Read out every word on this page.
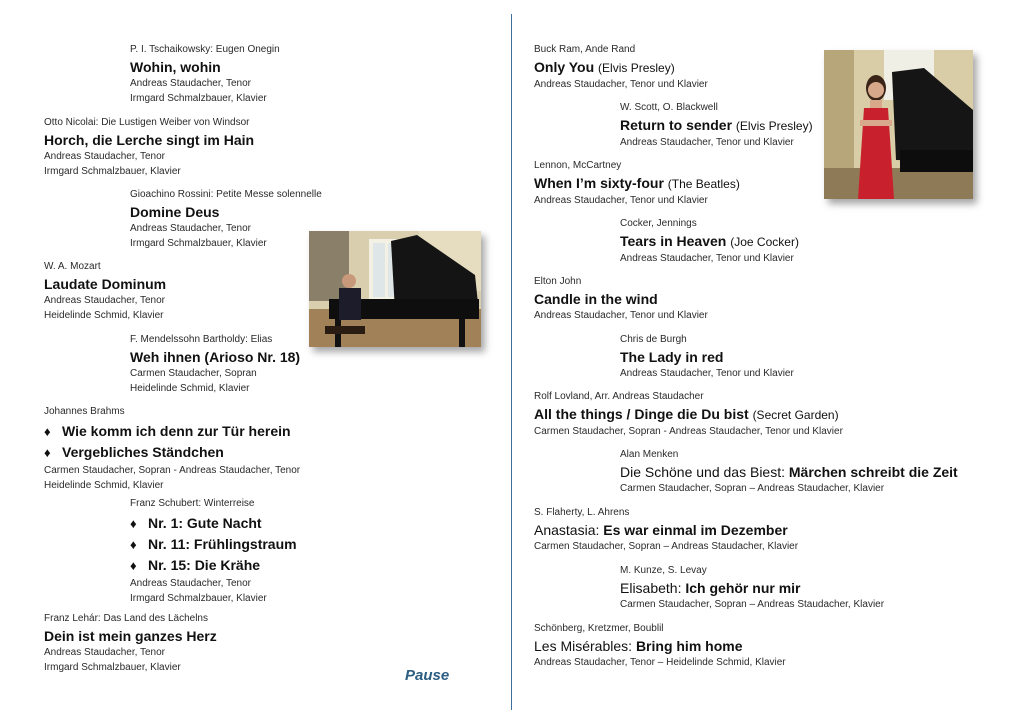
P. I. Tschaikowsky: Eugen Onegin
Wohin, wohin
Andreas Staudacher, Tenor
Irmgard Schmalzbauer, Klavier
Otto Nicolai: Die Lustigen Weiber von Windsor
Horch, die Lerche singt im Hain
Andreas Staudacher, Tenor
Irmgard Schmalzbauer, Klavier
Gioachino Rossini: Petite Messe solennelle
Domine Deus
Andreas Staudacher, Tenor
Irmgard Schmalzbauer, Klavier
W. A. Mozart
Laudate Dominum
Andreas Staudacher, Tenor
Heidelinde Schmid, Klavier
F. Mendelssohn Bartholdy: Elias
Weh ihnen (Arioso Nr. 18)
Carmen Staudacher, Sopran
Heidelinde Schmid, Klavier
Johannes Brahms
♦ Wie komm ich denn zur Tür herein
♦ Vergebliches Ständchen
Carmen Staudacher, Sopran - Andreas Staudacher, Tenor
Heidelinde Schmid, Klavier
Franz Schubert: Winterreise
♦ Nr. 1: Gute Nacht
♦ Nr. 11: Frühlingstraum
♦ Nr. 15: Die Krähe
Andreas Staudacher, Tenor
Irmgard Schmalzbauer, Klavier
Franz Lehár: Das Land des Lächelns
Dein ist mein ganzes Herz
Andreas Staudacher, Tenor
Irmgard Schmalzbauer, Klavier	Pause
Buck Ram, Ande Rand
Only You (Elvis Presley)
Andreas Staudacher, Tenor und Klavier
W. Scott, O. Blackwell
Return to sender (Elvis Presley)
Andreas Staudacher, Tenor und Klavier
Lennon, McCartney
When I’m sixty-four (The Beatles)
Andreas Staudacher, Tenor und Klavier
Cocker, Jennings
Tears in Heaven (Joe Cocker)
Andreas Staudacher, Tenor und Klavier
Elton John
Candle in the wind
Andreas Staudacher, Tenor und Klavier
Chris de Burgh
The Lady in red
Andreas Staudacher, Tenor und Klavier
Rolf Lovland, Arr. Andreas Staudacher
All the things / Dinge die Du bist (Secret Garden)
Carmen Staudacher, Sopran - Andreas Staudacher, Tenor und Klavier
Alan Menken
Die Schöne und das Biest: Märchen schreibt die Zeit
Carmen Staudacher, Sopran – Andreas Staudacher, Klavier
S. Flaherty, L. Ahrens
Anastasia: Es war einmal im Dezember
Carmen Staudacher, Sopran – Andreas Staudacher, Klavier
M. Kunze, S. Levay
Elisabeth: Ich gehör nur mir
Carmen Staudacher, Sopran – Andreas Staudacher, Klavier
Schönberg, Kretzmer, Boublil
Les Misérables: Bring him home
Andreas Staudacher, Tenor – Heidelinde Schmid, Klavier
